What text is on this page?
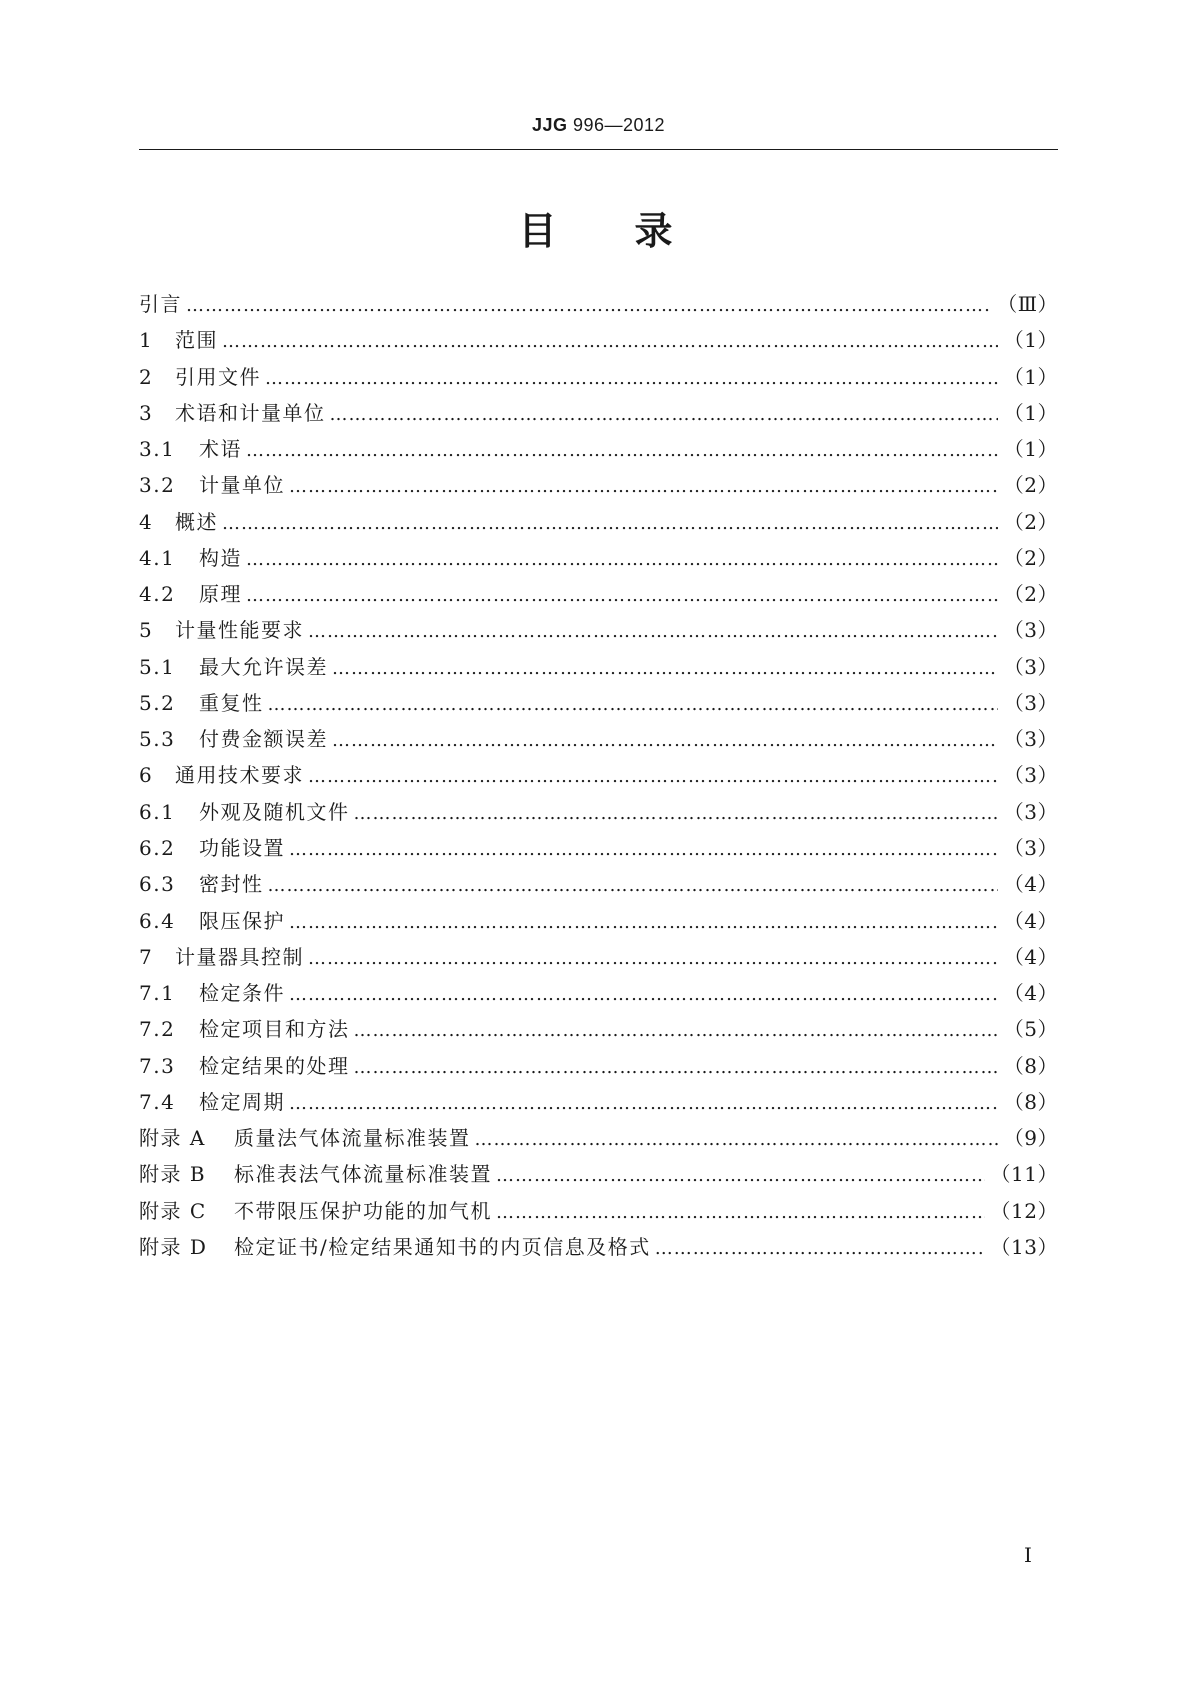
JJG 996—2012
目 录
引言 …………………………………………………………………………………………………………………………………………………………………………………………………………………………………………………	（Ⅲ）
1	范围 …………………………………………………………………………………………………………………………………………………………………………………………………………………………………………………	（1）
2	引用文件 …………………………………………………………………………………………………………………………………………………………………………………………………………………………………………………	（1）
3	术语和计量单位 …………………………………………………………………………………………………………………………………………………………………………………………………………………………………………………	（1）
3.1	术语 …………………………………………………………………………………………………………………………………………………………………………………………………………………………………………………	（1）
3.2	计量单位 …………………………………………………………………………………………………………………………………………………………………………………………………………………………………………………	（2）
4	概述 …………………………………………………………………………………………………………………………………………………………………………………………………………………………………………………	（2）
4.1	构造 …………………………………………………………………………………………………………………………………………………………………………………………………………………………………………………	（2）
4.2	原理 …………………………………………………………………………………………………………………………………………………………………………………………………………………………………………………	（2）
5	计量性能要求 …………………………………………………………………………………………………………………………………………………………………………………………………………………………………………………	（3）
5.1	最大允许误差 …………………………………………………………………………………………………………………………………………………………………………………………………………………………………………………	（3）
5.2	重复性 …………………………………………………………………………………………………………………………………………………………………………………………………………………………………………………	（3）
5.3	付费金额误差 …………………………………………………………………………………………………………………………………………………………………………………………………………………………………………………	（3）
6	通用技术要求 …………………………………………………………………………………………………………………………………………………………………………………………………………………………………………………	（3）
6.1	外观及随机文件 …………………………………………………………………………………………………………………………………………………………………………………………………………………………………………………	（3）
6.2	功能设置 …………………………………………………………………………………………………………………………………………………………………………………………………………………………………………………	（3）
6.3	密封性 …………………………………………………………………………………………………………………………………………………………………………………………………………………………………………………	（4）
6.4	限压保护 …………………………………………………………………………………………………………………………………………………………………………………………………………………………………………………	（4）
7	计量器具控制 …………………………………………………………………………………………………………………………………………………………………………………………………………………………………………………	（4）
7.1	检定条件 …………………………………………………………………………………………………………………………………………………………………………………………………………………………………………………	（4）
7.2	检定项目和方法 …………………………………………………………………………………………………………………………………………………………………………………………………………………………………………………	（5）
7.3	检定结果的处理 …………………………………………………………………………………………………………………………………………………………………………………………………………………………………………………	（8）
7.4	检定周期 …………………………………………………………………………………………………………………………………………………………………………………………………………………………………………………	（8）
附录 A	质量法气体流量标准装置 …………………………………………………………………………………………………………………………………………………………………………………………………………………………………………………	（9）
附录 B	标准表法气体流量标准装置 …………………………………………………………………………………………………………………………………………………………………………………………………………………………………………………	（11）
附录 C	不带限压保护功能的加气机 …………………………………………………………………………………………………………………………………………………………………………………………………………………………………………………	（12）
附录 D	检定证书/检定结果通知书的内页信息及格式 …………………………………………………………………………………………………………………………………………………………………………………………………………………………………………………	（13）
I
